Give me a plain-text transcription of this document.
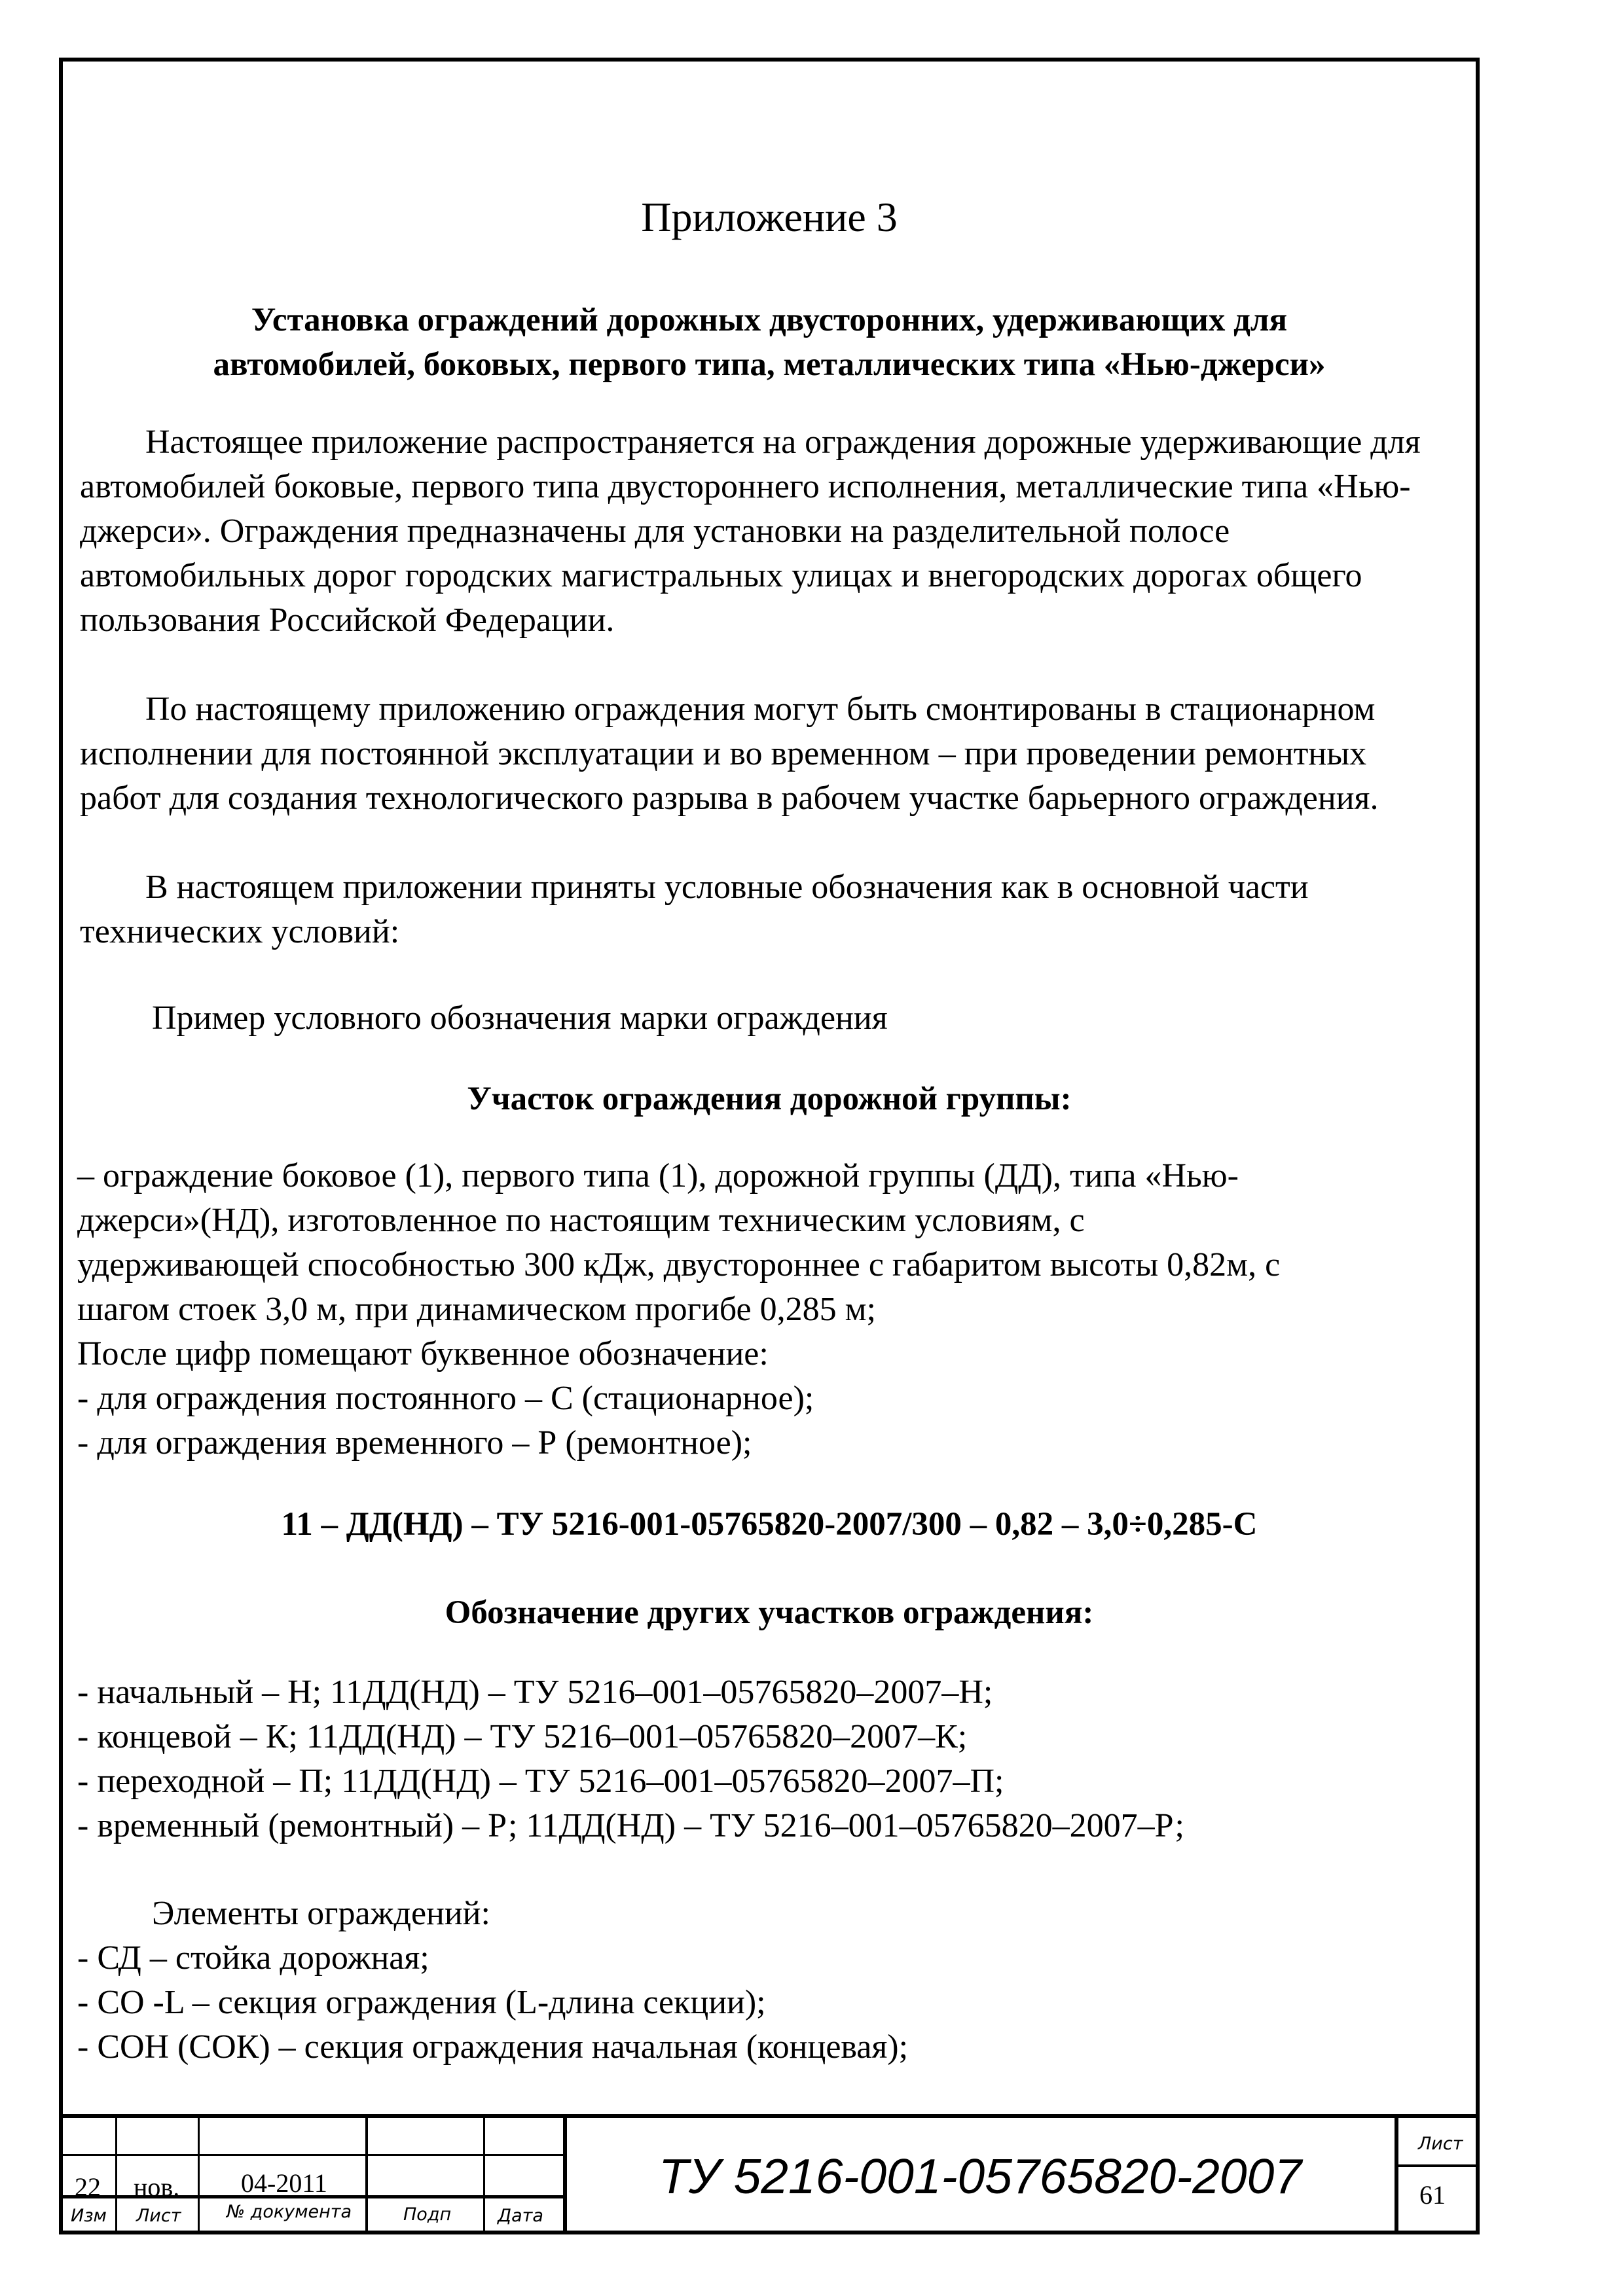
Приложение 3
Установка ограждений дорожных двусторонних, удерживающих для
автомобилей, боковых, первого типа, металлических типа «Нью-джерси»
Настоящее приложение распространяется на ограждения дорожные удерживающие для автомобилей боковые, первого типа двустороннего исполнения, металлические типа «Нью-джерси». Ограждения предназначены для установки на разделительной полосе автомобильных дорог городских магистральных улицах и внегородских дорогах общего пользования Российской Федерации.
По настоящему приложению ограждения могут быть смонтированы в стационарном исполнении для постоянной эксплуатации и во временном – при проведении ремонтных работ для создания технологического разрыва в рабочем участке барьерного ограждения.
В настоящем приложении приняты условные обозначения как в основной части технических условий:
Пример условного обозначения марки ограждения
Участок ограждения дорожной группы:
– ограждение боковое (1), первого типа (1), дорожной группы (ДД), типа «Нью-
джерси»(НД), изготовленное по настоящим техническим условиям, с
удерживающей способностью 300 кДж, двустороннее с габаритом высоты 0,82м, с
шагом стоек 3,0 м, при динамическом прогибе 0,285 м;
После цифр помещают буквенное обозначение:
- для ограждения постоянного – С (стационарное);
- для ограждения временного – Р (ремонтное);
11 – ДД(НД) – ТУ 5216-001-05765820-2007/300 – 0,82 – 3,0÷0,285-С
Обозначение других участков ограждения:
- начальный – Н; 11ДД(НД) – ТУ 5216–001–05765820–2007–Н;
- концевой – К; 11ДД(НД) – ТУ 5216–001–05765820–2007–К;
- переходной – П; 11ДД(НД) – ТУ 5216–001–05765820–2007–П;
- временный (ремонтный) – Р; 11ДД(НД) – ТУ 5216–001–05765820–2007–Р;
Элементы ограждений:
- СД – стойка дорожная;
- СО -L – секция ограждения (L-длина секции);
- СОН (СОК) – секция ограждения начальная (концевая);
22 нов. 04-2011
Изм Лист	№ документа	Подп	Дата
ТУ 5216-001-05765820-2007
Лист
61
